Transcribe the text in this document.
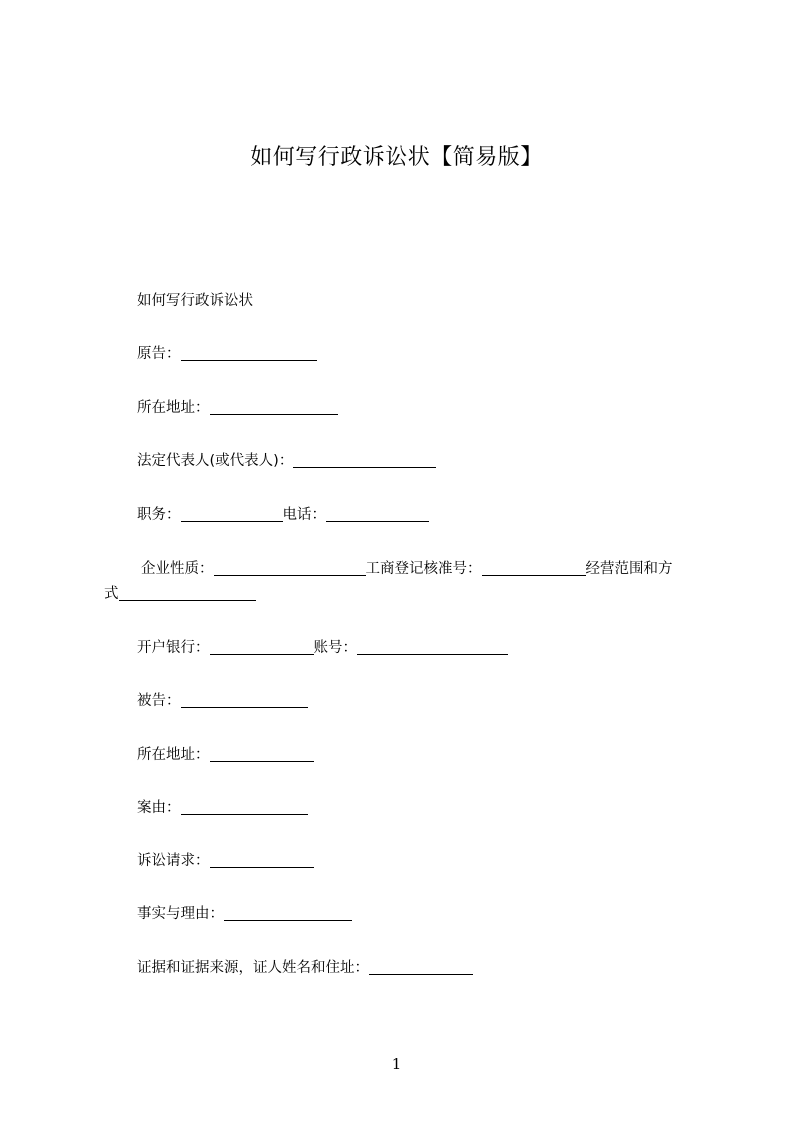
如何写行政诉讼状【简易版】
如何写行政诉讼状
原告：
所在地址：
法定代表人(或代表人)：
职务：	电话：
企业性质：	工商登记核准号：	经营范围和方
式
开户银行：	账号：
被告：
所在地址：
案由：
诉讼请求：
事实与理由：
证据和证据来源，证人姓名和住址：
1
